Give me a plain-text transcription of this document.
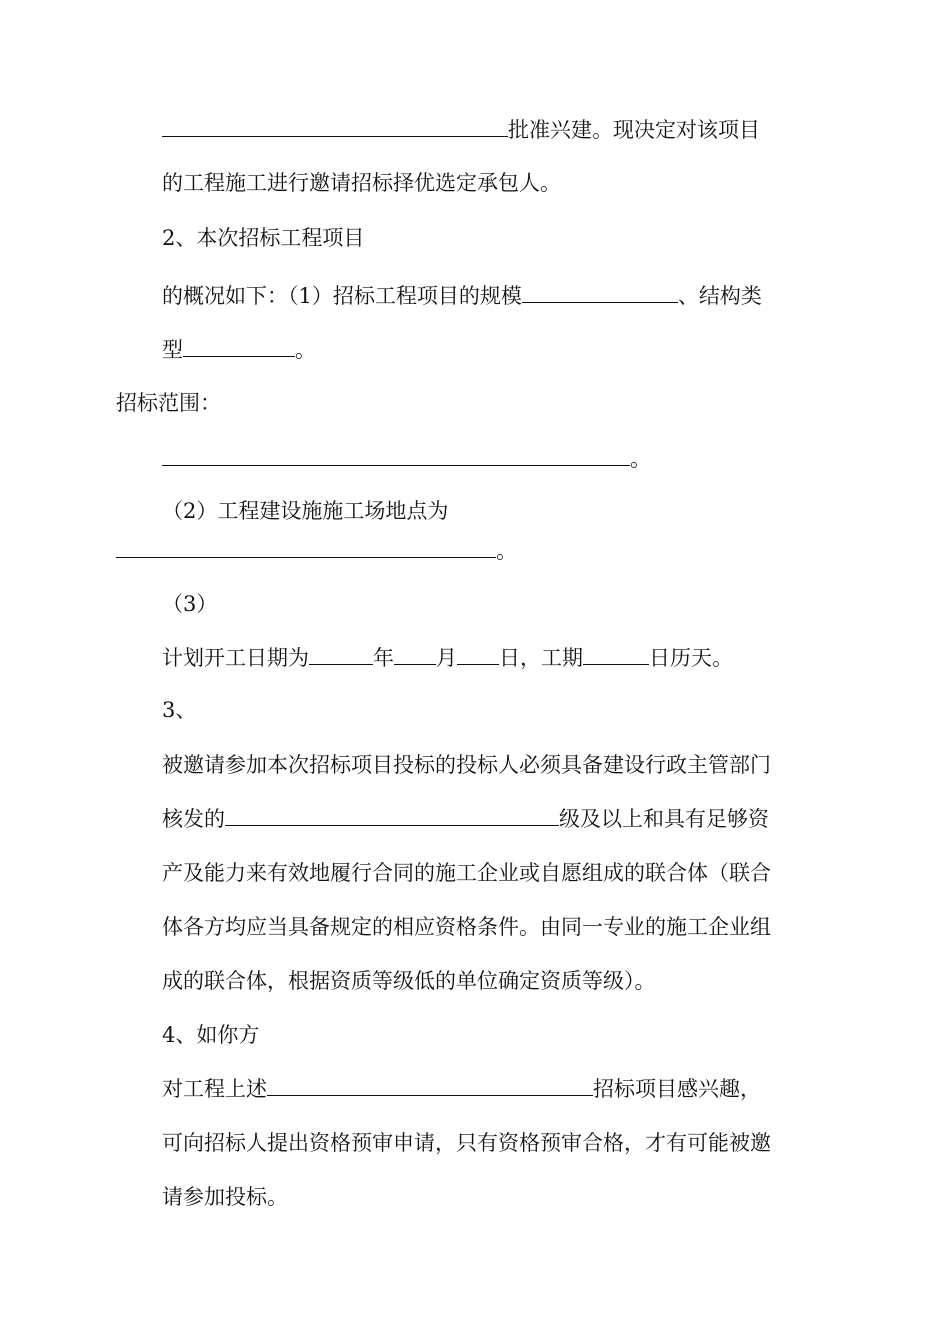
批准兴建。现决定对该项目
的工程施工进行邀请招标择优选定承包人。
2、本次招标工程项目
的概况如下：（1）招标工程项目的规模	、结构类
型	。
招标范围：
。
（2）工程建设施施工场地点为
。
（3）
计划开工日期为	年 月 日，工期	日历天。
3、
被邀请参加本次招标项目投标的投标人必须具备建设行政主管部门
核发的	级及以上和具有足够资
产及能力来有效地履行合同的施工企业或自愿组成的联合体（联合
体各方均应当具备规定的相应资格条件。由同一专业的施工企业组
成的联合体，根据资质等级低的单位确定资质等级）。
4、如你方
对工程上述	招标项目感兴趣，
可向招标人提出资格预审申请，只有资格预审合格，才有可能被邀
请参加投标。
